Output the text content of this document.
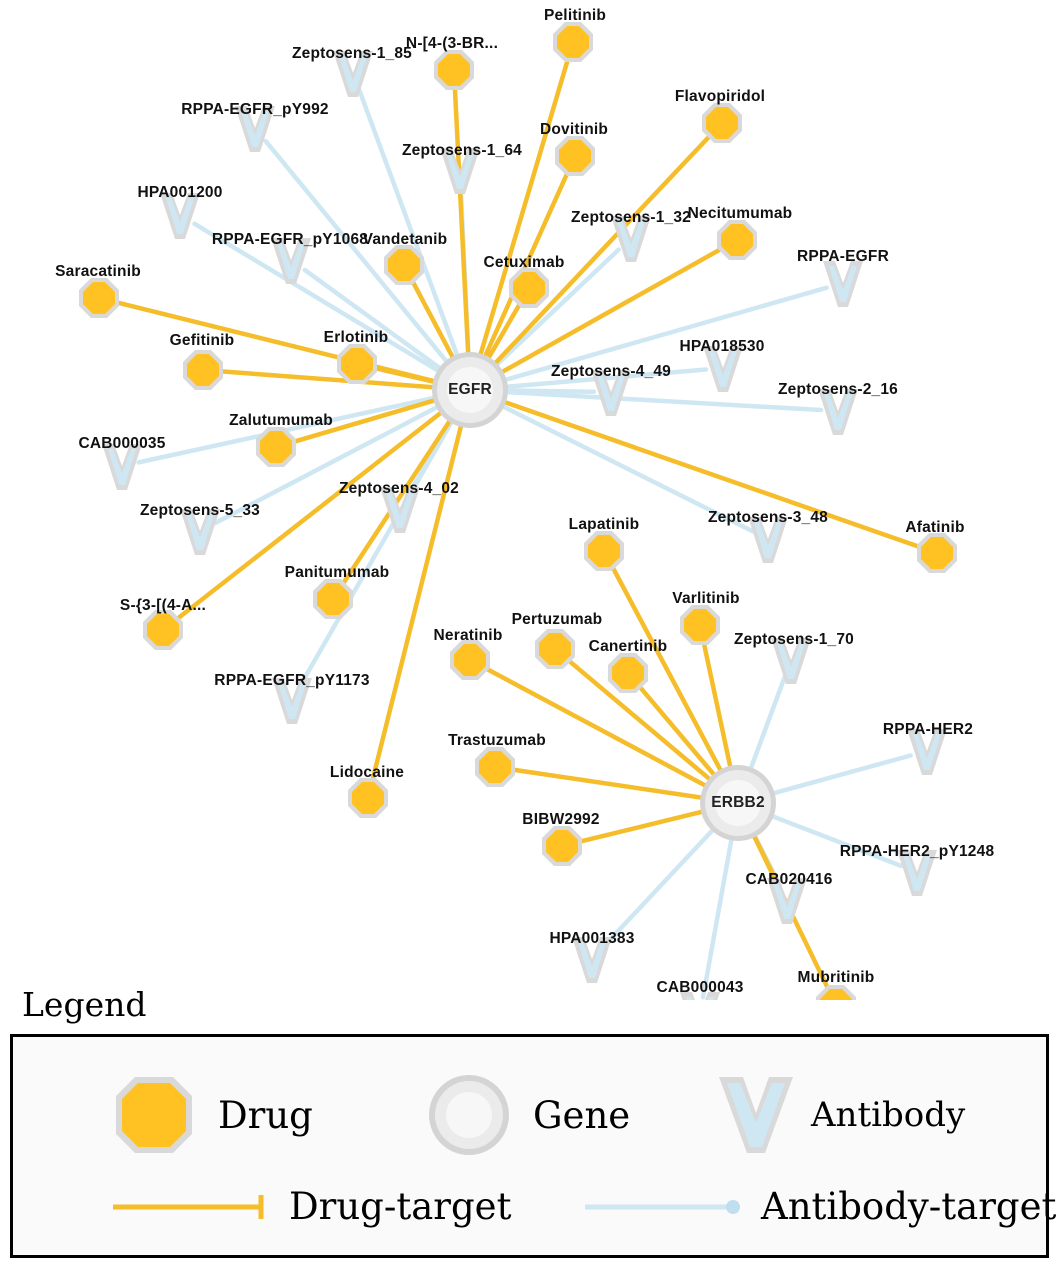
Zeptosens-1_85
RPPA-EGFR_pY992
Zeptosens-1_64
HPA001200
Zeptosens-1_32
RPPA-EGFR_pY1068
RPPA-EGFR
HPA018530
Zeptosens-4_49
Zeptosens-2_16
CAB000035
Zeptosens-4_02
Zeptosens-5_33	Zeptosens-3_48
Zeptosens-1_70
RPPA-EGFR_pY1173
RPPA-HER2
RPPA-HER2_pY1248
CAB020416
HPA001383
CAB000043
Pelitinib
N-[4-(3-BR...
Flavopiridol
Dovitinib
Necitumumab
Vandetanib
Cetuximab
Saracatinib
Erlotinib
Gefitinib
Zalutumumab
Afatinib
Lapatinib
Panitumumab
S-{3-[(4-A...	Varlitinib
Pertuzumab
Neratinib
Canertinib
Trastuzumab
Lidocaine
BIBW2992
Mubritinib
EGFR
ERBB2
Legend
Drug	Gene	Antibody
Drug-target	Antibody-target
